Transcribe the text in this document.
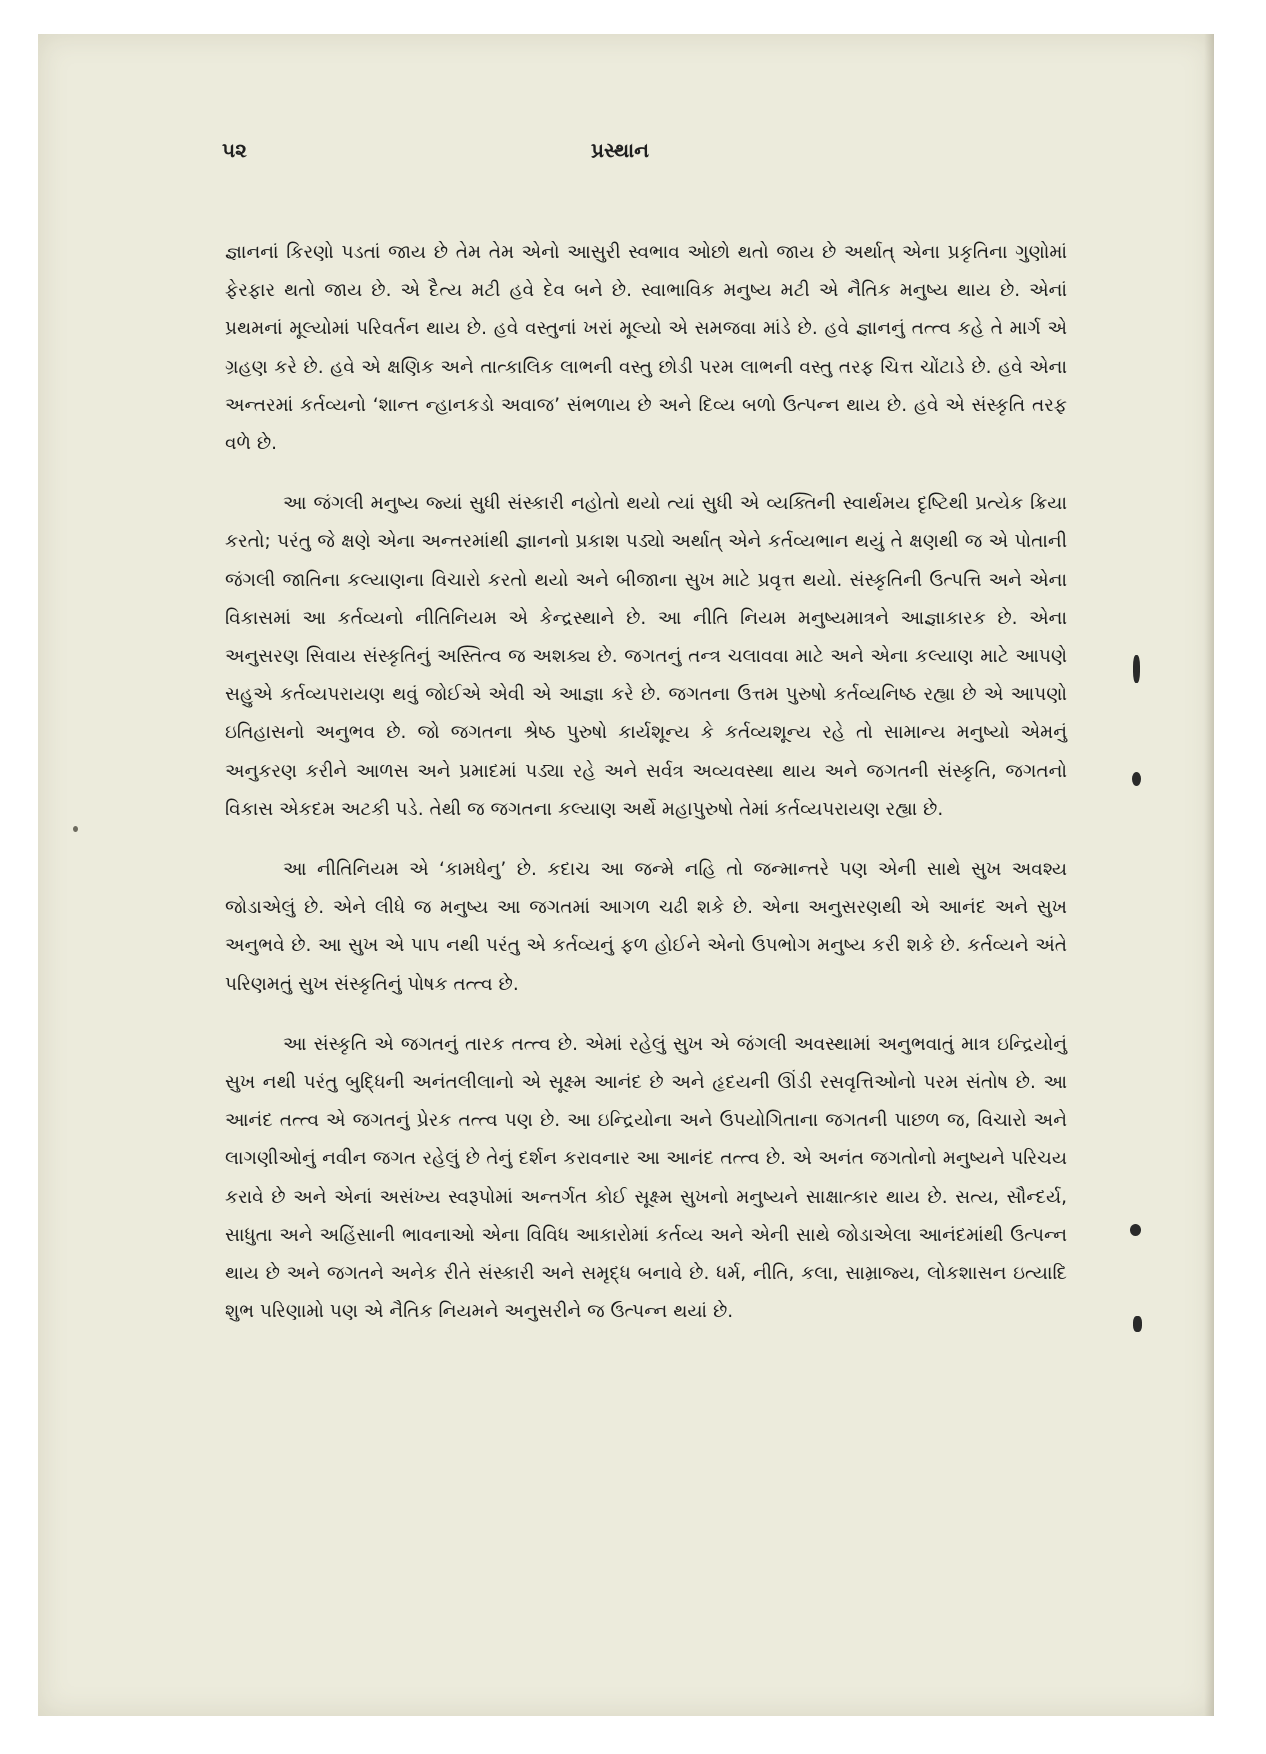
૫૨	પ્રસ્થાન

જ્ઞાનનાં કિરણો પડતાં જાય છે તેમ તેમ એનો આસુરી સ્વભાવ ઓછો થતો જાય છે અર્થાત્ એના પ્રકૃતિના ગુણોમાં ફેરફાર થતો જાય છે. એ દૈત્ય મટી હવે દેવ બને છે. સ્વાભાવિક મનુષ્ય મટી એ નૈતિક મનુષ્ય થાય છે. એનાં પ્રથમનાં મૂલ્યોમાં પરિવર્તન થાય છે. હવે વસ્તુનાં ખરાં મૂલ્યો એ સમજવા માંડે છે. હવે જ્ઞાનનું તત્ત્વ કહે તે માર્ગ એ ગ્રહણ કરે છે. હવે એ ક્ષણિક અને તાત્કાલિક લાભની વસ્તુ છોડી પરમ લાભની વસ્તુ તરફ ચિત્ત ચોંટાડે છે. હવે એના અન્તરમાં કર્તવ્યનો ‘શાન્ત ન્હાનકડો અવાજ’ સંભળાય છે અને દિવ્ય બળો ઉત્પન્ન થાય છે. હવે એ સંસ્કૃતિ તરફ વળે છે.

આ જંગલી મનુષ્ય જ્યાં સુધી સંસ્કારી નહોતો થયો ત્યાં સુધી એ વ્યક્તિની સ્વાર્થમય દૃષ્ટિથી પ્રત્યેક ક્રિયા કરતો; પરંતુ જે ક્ષણે એના અન્તરમાંથી જ્ઞાનનો પ્રકાશ પડ્યો અર્થાત્ એને કર્તવ્યભાન થયું તે ક્ષણથી જ એ પોતાની જંગલી જાતિના કલ્યાણના વિચારો કરતો થયો અને બીજાના સુખ માટે પ્રવૃત્ત થયો. સંસ્કૃતિની ઉત્પત્તિ અને એના વિકાસમાં આ કર્તવ્યનો નીતિનિયમ એ કેન્દ્રસ્થાને છે. આ નીતિ નિયમ મનુષ્યમાત્રને આજ્ઞાકારક છે. એના અનુસરણ સિવાય સંસ્કૃતિનું અસ્તિત્વ જ અશક્ય છે. જગતનું તન્ત્ર ચલાવવા માટે અને એના કલ્યાણ માટે આપણે સહુએ કર્તવ્યપરાયણ થવું જોઈએ એવી એ આજ્ઞા કરે છે. જગતના ઉત્તમ પુરુષો કર્તવ્યનિષ્ઠ રહ્યા છે એ આપણો ઇતિહાસનો અનુભવ છે. જો જગતના શ્રેષ્ઠ પુરુષો કાર્યશૂન્ય કે કર્તવ્યશૂન્ય રહે તો સામાન્ય મનુષ્યો એમનું અનુકરણ કરીને આળસ અને પ્રમાદમાં પડ્યા રહે અને સર્વત્ર અવ્યવસ્થા થાય અને જગતની સંસ્કૃતિ, જગતનો વિકાસ એકદમ અટકી પડે. તેથી જ જગતના કલ્યાણ અર્થે મહાપુરુષો તેમાં કર્તવ્યપરાયણ રહ્યા છે.

આ નીતિનિયમ એ ‘કામધેનુ’ છે. કદાચ આ જન્મે નહિ તો જન્માન્તરે પણ એની સાથે સુખ અવશ્ય જોડાએલું છે. એને લીધે જ મનુષ્ય આ જગતમાં આગળ ચઢી શકે છે. એના અનુસરણથી એ આનંદ અને સુખ અનુભવે છે. આ સુખ એ પાપ નથી પરંતુ એ કર્તવ્યનું ફળ હોઈને એનો ઉપભોગ મનુષ્ય કરી શકે છે. કર્તવ્યને અંતે પરિણમતું સુખ સંસ્કૃતિનું પોષક તત્ત્વ છે.

આ સંસ્કૃતિ એ જગતનું તારક તત્ત્વ છે. એમાં રહેલું સુખ એ જંગલી અવસ્થામાં અનુભવાતું માત્ર ઇન્દ્રિયોનું સુખ નથી પરંતુ બુદ્ધિની અનંતલીલાનો એ સૂક્ષ્મ આનંદ છે અને હૃદયની ઊંડી રસવૃત્તિઓનો પરમ સંતોષ છે. આ આનંદ તત્ત્વ એ જગતનું પ્રેરક તત્ત્વ પણ છે. આ ઇન્દ્રિયોના અને ઉપયોગિતાના જગતની પાછળ જ, વિચારો અને લાગણીઓનું નવીન જગત રહેલું છે તેનું દર્શન કરાવનાર આ આનંદ તત્ત્વ છે. એ અનંત જગતોનો મનુષ્યને પરિચય કરાવે છે અને એનાં અસંખ્ય સ્વરૂપોમાં અન્તર્ગત કોઈ સૂક્ષ્મ સુખનો મનુષ્યને સાક્ષાત્કાર થાય છે. સત્ય, સૌન્દર્ય, સાધુતા અને અહિંસાની ભાવનાઓ એના વિવિધ આકારોમાં કર્તવ્ય અને એની સાથે જોડાએલા આનંદમાંથી ઉત્પન્ન થાય છે અને જગતને અનેક રીતે સંસ્કારી અને સમૃદ્ધ બનાવે છે. ધર્મ, નીતિ, કલા, સામ્રાજ્ય, લોકશાસન ઇત્યાદિ શુભ પરિણામો પણ એ નૈતિક નિયમને અનુસરીને જ ઉત્પન્ન થયાં છે.
